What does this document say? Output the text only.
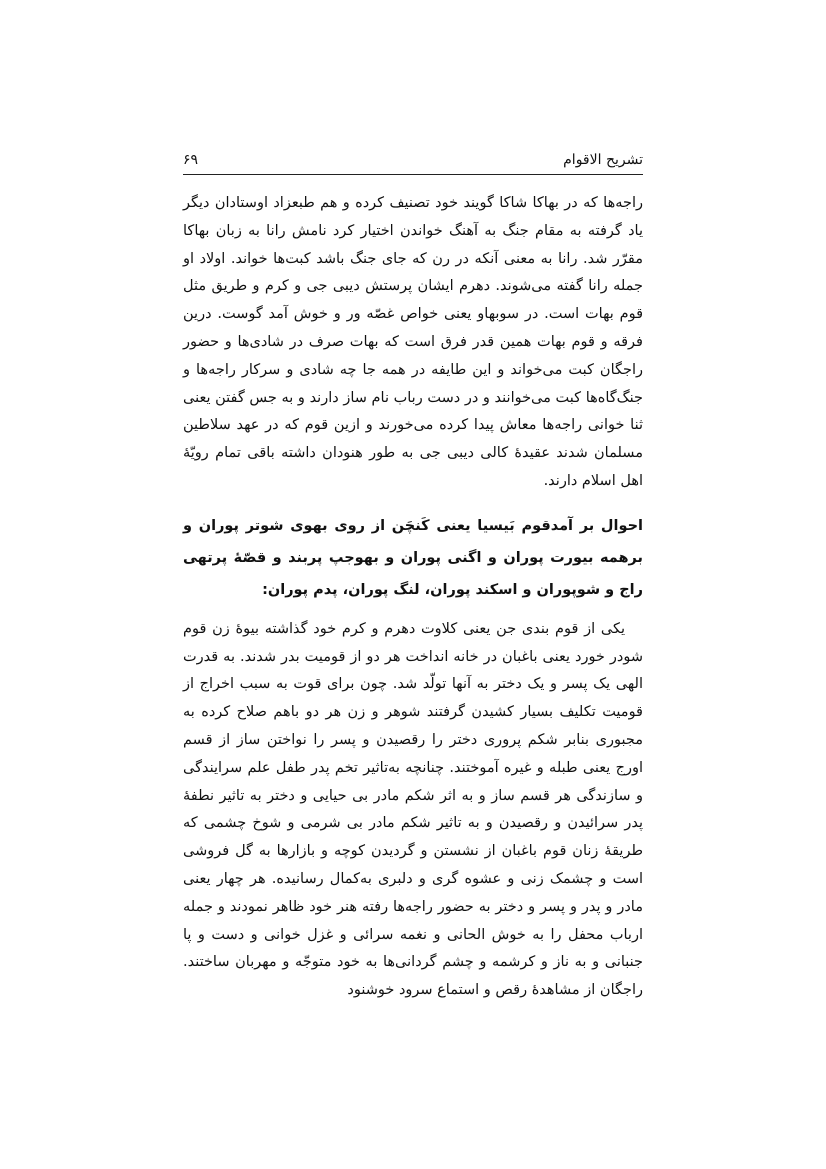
تشریح الاقوام
۶۹

راجه‌ها که در بهاکا شاکا گویند خود تصنیف کرده و هم طبعزاد اوستادان دیگر یاد گرفته به مقام جنگ به آهنگ خواندن اختیار کرد نامش رانا به زبان بهاکا مقرّر شد. رانا به معنی آنکه در رن که جای جنگ باشد کبت‌ها خواند. اولاد او جمله رانا گفته می‌شوند. دهرم ایشان پرستش دیبی جی و کرم و طریق مثل قوم بهات است. در سوبهاو یعنی خواص غصّه ور و خوش آمد گوست. درین فرقه و قوم بهات همین قدر فرق است که بهات صرف در شادی‌ها و حضور راجگان کبت می‌خواند و این طایفه در همه جا چه شادی و سرکار راجه‌ها و جنگ‌گاه‌ها کبت می‌خوانند و در دست رباب نام ساز دارند و به جس گفتن یعنی ثنا خوانی راجه‌ها معاش پیدا کرده می‌خورند و ازین قوم که در عهد سلاطین مسلمان شدند عقیدهٔ کالی دیبی جی به طور هنودان داشته باقی تمام رویّهٔ اهل اسلام دارند.

احوال بر آمدقوم بَیسیا یعنی کَنچَن از روی بهوی شوتر پوران و برهمه بیورت پوران و اگنی پوران و بهوجپ پربند و قصّهٔ پرتهی راج و شوپوران و اسکند پوران، لنگ پوران، پدم پوران:

یکی از قوم بندی جن یعنی کلاوت دهرم و کرم خود گذاشته بیوهٔ زن قوم شودر خورد یعنی باغبان در خانه انداخت هر دو از قومیت بدر شدند. به قدرت الهی یک پسر و یک دختر به آنها تولّد شد. چون برای قوت به سبب اخراج از قومیت تکلیف بسیار کشیدن گرفتند شوهر و زن هر دو باهم صلاح کرده به مجبوری بنابر شکم پروری دختر را رقصیدن و پسر را نواختن ساز از قسم اورج یعنی طبله و غیره آموختند. چنانچه به‌تاثیر تخم پدر طفل علم سرایندگی و سازندگی هر قسم ساز و به اثر شکم مادر بی حیایی و دختر به تاثیر نطفهٔ پدر سرائیدن و رقصیدن و به تاثیر شکم مادر بی شرمی و شوخ چشمی که طریقهٔ زنان قوم باغبان از نشستن و گردیدن کوچه و بازارها به گل فروشی است و چشمک زنی و عشوه گری و دلبری به‌کمال رسانیده. هر چهار یعنی مادر و پدر و پسر و دختر به حضور راجه‌ها رفته هنر خود ظاهر نمودند و جمله ارباب محفل را به خوش الحانی و نغمه سرائی و غزل خوانی و دست و پا جنبانی و به ناز و کرشمه و چشم گردانی‌ها به خود متوجّه و مهربان ساختند. راجگان از مشاهدهٔ رقص و استماع سرود خوشنود
